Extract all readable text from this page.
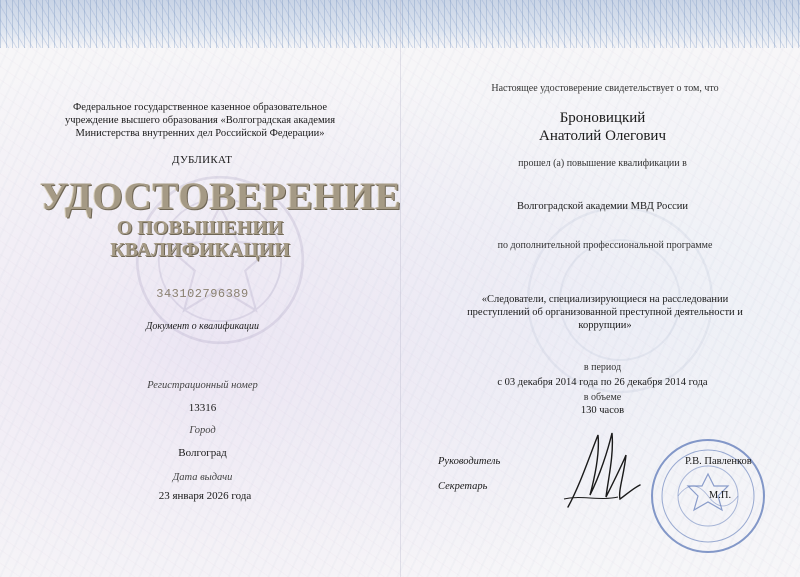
Федеральное государственное казенное образовательное учреждение высшего образования «Волгоградская академия Министерства внутренних дел Российской Федерации»
ДУБЛИКАТ
УДОСТОВЕРЕНИЕ
О ПОВЫШЕНИИ
КВАЛИФИКАЦИИ
343102796389
Документ о квалификации
Регистрационный номер
13316
Город
Волгоград
Дата выдачи
23 января 2026 года
Настоящее удостоверение свидетельствует о том, что
Броновицкий
Анатолий Олегович
прошел (а) повышение квалификации в
Волгоградской академии МВД России
по дополнительной профессиональной программе
«Следователи, специализирующиеся на расследовании преступлений об организованной преступной деятельности и коррупции»
в период
с 03 декабря 2014 года по 26 декабря 2014 года
в объеме
130 часов
Руководитель
Секретарь
Р.В. Павленков
М.П.
